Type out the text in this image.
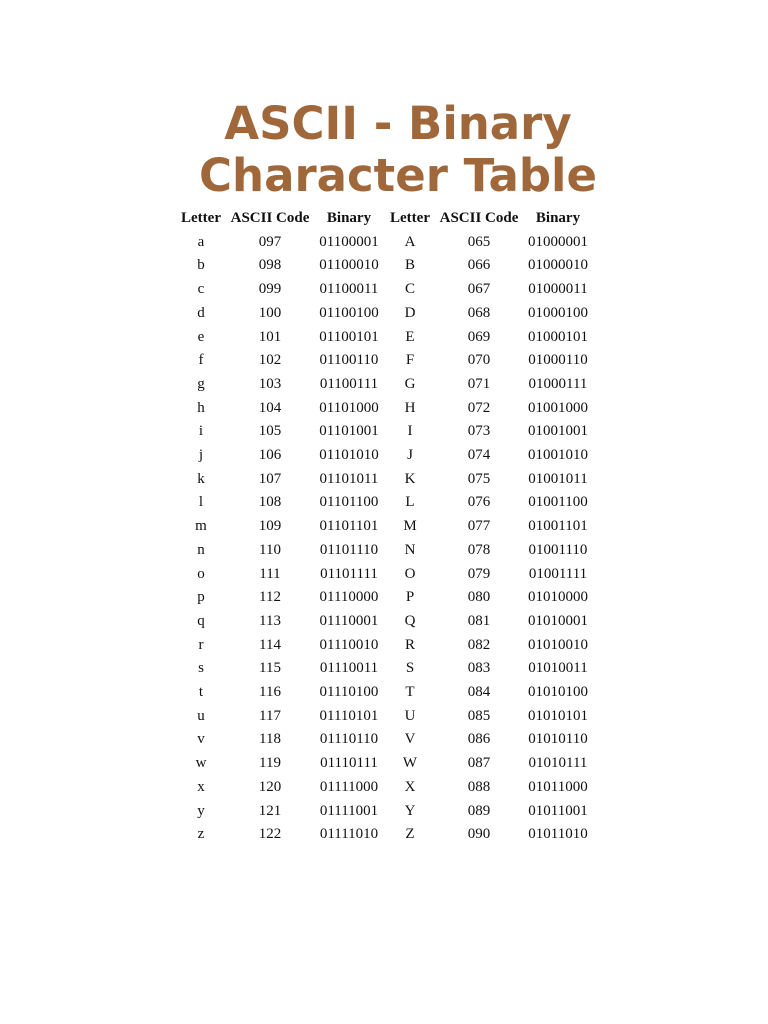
ASCII - Binary
Character Table
Letter	ASCII Code	Binary	Letter	ASCII Code	Binary
a	097	01100001	A	065	01000001
b	098	01100010	B	066	01000010
c	099	01100011	C	067	01000011
d	100	01100100	D	068	01000100
e	101	01100101	E	069	01000101
f	102	01100110	F	070	01000110
g	103	01100111	G	071	01000111
h	104	01101000	H	072	01001000
i	105	01101001	I	073	01001001
j	106	01101010	J	074	01001010
k	107	01101011	K	075	01001011
l	108	01101100	L	076	01001100
m	109	01101101	M	077	01001101
n	110	01101110	N	078	01001110
o	111	01101111	O	079	01001111
p	112	01110000	P	080	01010000
q	113	01110001	Q	081	01010001
r	114	01110010	R	082	01010010
s	115	01110011	S	083	01010011
t	116	01110100	T	084	01010100
u	117	01110101	U	085	01010101
v	118	01110110	V	086	01010110
w	119	01110111	W	087	01010111
x	120	01111000	X	088	01011000
y	121	01111001	Y	089	01011001
z	122	01111010	Z	090	01011010
